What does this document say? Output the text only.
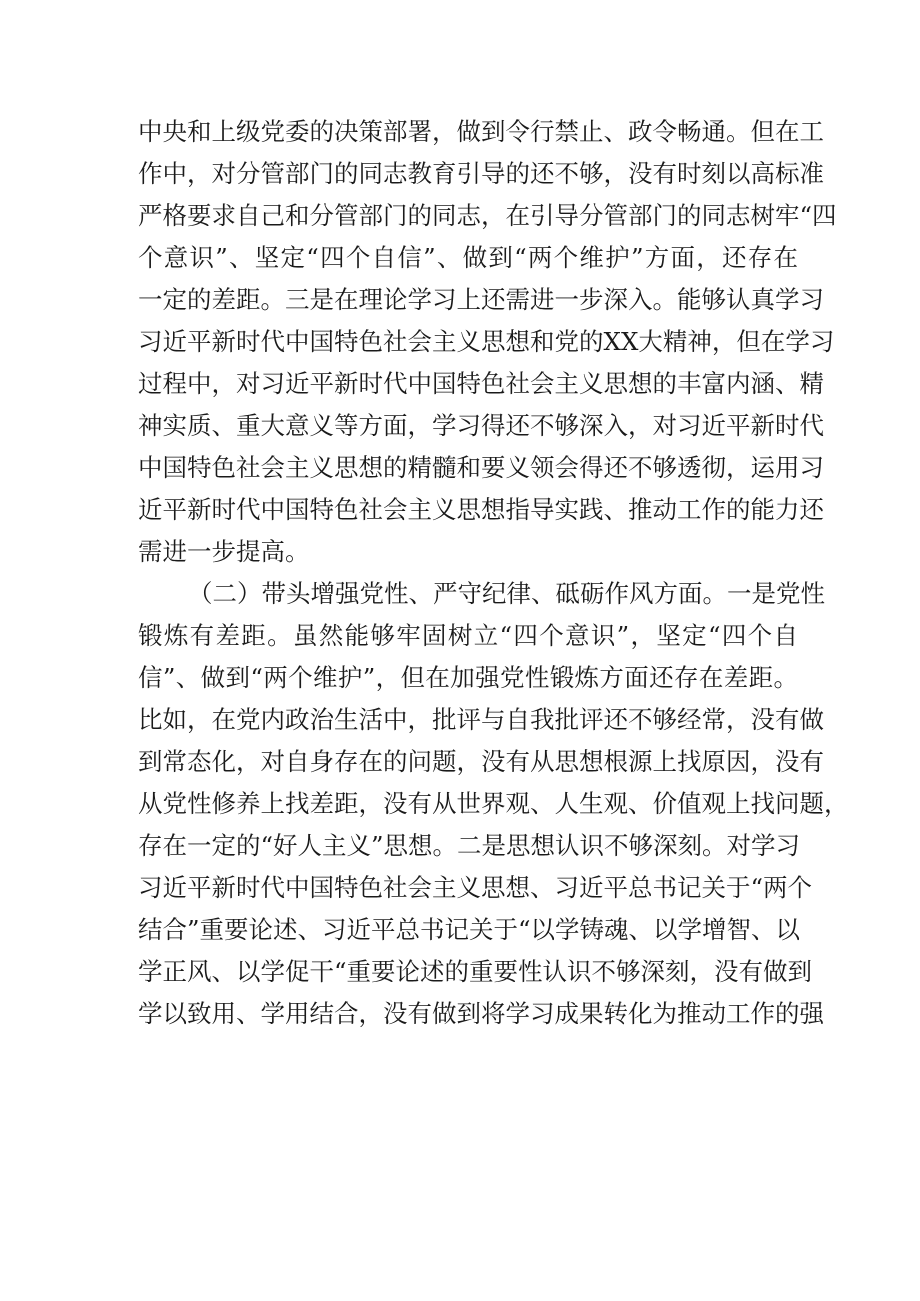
中央和上级党委的决策部署，做到令行禁止、政令畅通。但在工
作中，对分管部门的同志教育引导的还不够，没有时刻以高标准
严格要求自己和分管部门的同志，在引导分管部门的同志树牢“四
个意识”、坚定“四个自信”、做到“两个维护”方面，还存在
一定的差距。三是在理论学习上还需进一步深入。能够认真学习
习近平新时代中国特色社会主义思想和党的XX大精神，但在学习
过程中，对习近平新时代中国特色社会主义思想的丰富内涵、精
神实质、重大意义等方面，学习得还不够深入，对习近平新时代
中国特色社会主义思想的精髓和要义领会得还不够透彻，运用习
近平新时代中国特色社会主义思想指导实践、推动工作的能力还
需进一步提高。
（二）带头增强党性、严守纪律、砥砺作风方面。一是党性
锻炼有差距。虽然能够牢固树立“四个意识”，坚定“四个自
信”、做到“两个维护”，但在加强党性锻炼方面还存在差距。
比如，在党内政治生活中，批评与自我批评还不够经常，没有做
到常态化，对自身存在的问题，没有从思想根源上找原因，没有
从党性修养上找差距，没有从世界观、人生观、价值观上找问题，
存在一定的“好人主义”思想。二是思想认识不够深刻。对学习
习近平新时代中国特色社会主义思想、习近平总书记关于“两个
结合”重要论述、习近平总书记关于“以学铸魂、以学增智、以
学正风、以学促干“重要论述的重要性认识不够深刻，没有做到
学以致用、学用结合，没有做到将学习成果转化为推动工作的强
